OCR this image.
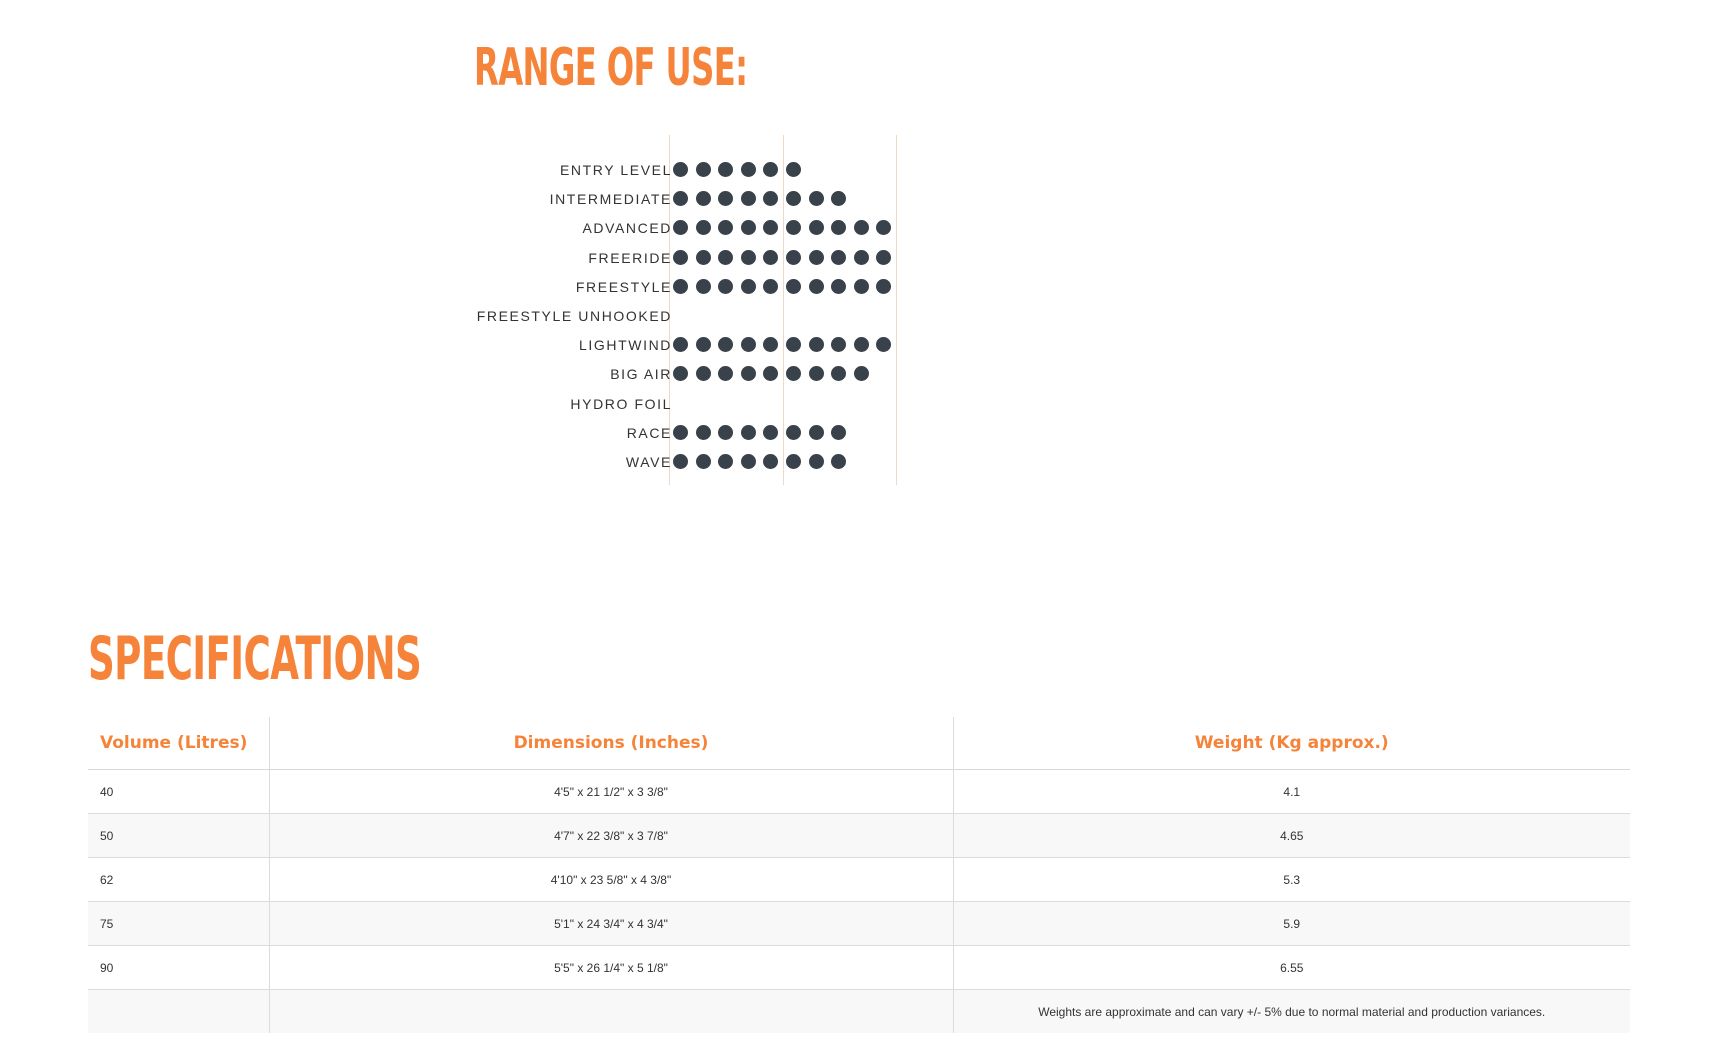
RANGE OF USE:
ENTRY LEVEL
INTERMEDIATE
ADVANCED
FREERIDE
FREESTYLE
FREESTYLE UNHOOKED
LIGHTWIND
BIG AIR
HYDRO FOIL
RACE
WAVE
SPECIFICATIONS
Volume (Litres)	Dimensions (Inches)	Weight (Kg approx.)
40	4'5" x 21 1/2" x 3 3/8"	4.1
50	4'7" x 22 3/8" x 3 7/8"	4.65
62	4'10" x 23 5/8" x 4 3/8"	5.3
75	5'1" x 24 3/4" x 4 3/4"	5.9
90	5'5" x 26 1/4" x 5 1/8"	6.55
		Weights are approximate and can vary +/- 5% due to normal material and production variances.
